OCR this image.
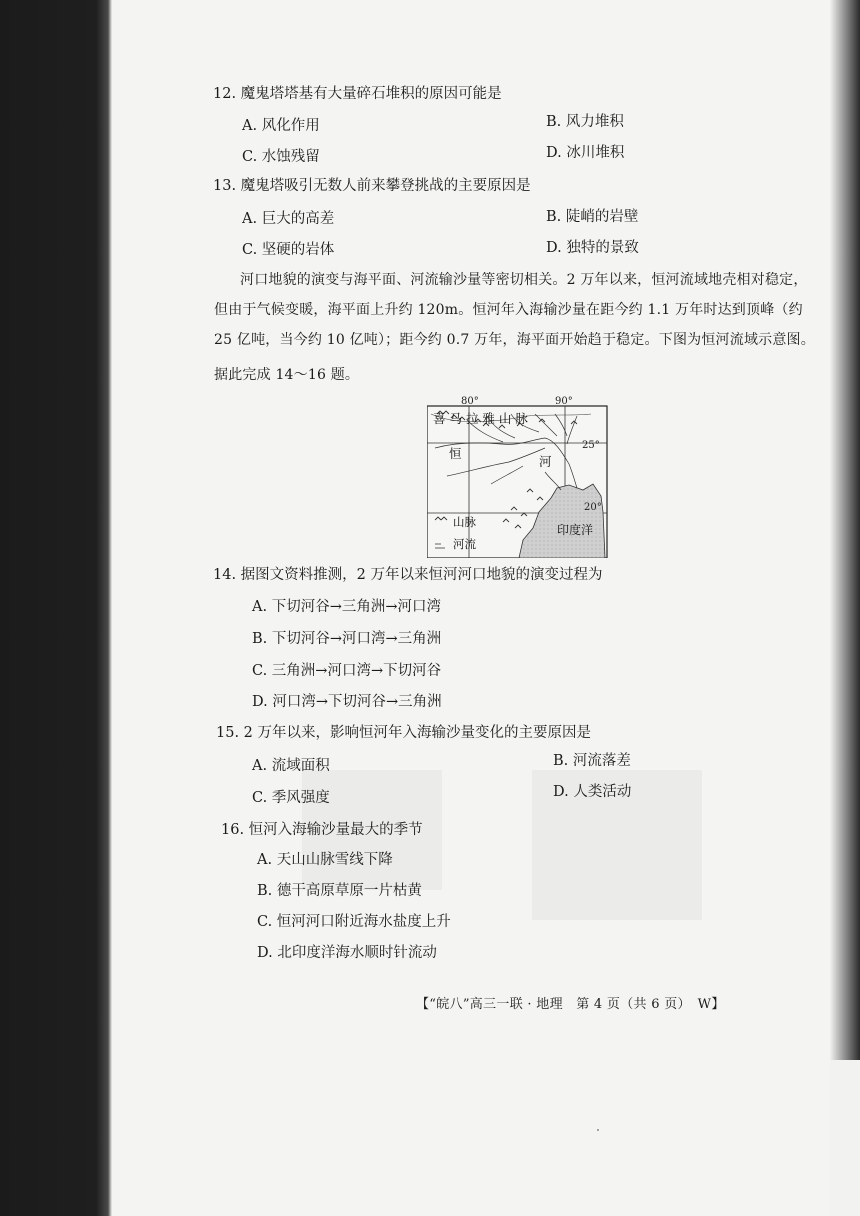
12. 魔鬼塔塔基有大量碎石堆积的原因可能是
A. 风化作用	B. 风力堆积
C. 水蚀残留	D. 冰川堆积
13. 魔鬼塔吸引无数人前来攀登挑战的主要原因是
A. 巨大的高差	B. 陡峭的岩壁
C. 坚硬的岩体	D. 独特的景致
河口地貌的演变与海平面、河流输沙量等密切相关。2 万年以来，恒河流域地壳相对稳定，
但由于气候变暖，海平面上升约 120m。恒河年入海输沙量在距今约 1.1 万年时达到顶峰（约
25 亿吨，当今约 10 亿吨）；距今约 0.7 万年，海平面开始趋于稳定。下图为恒河流域示意图。
据此完成 14～16 题。
80°	90°
喜 马 拉 雅 山 脉
25°
恒
河
20°
印度洋
山脉
河流
14. 据图文资料推测，2 万年以来恒河河口地貌的演变过程为
A. 下切河谷→三角洲→河口湾
B. 下切河谷→河口湾→三角洲
C. 三角洲→河口湾→下切河谷
D. 河口湾→下切河谷→三角洲
15. 2 万年以来，影响恒河年入海输沙量变化的主要原因是
A. 流域面积	B. 河流落差
C. 季风强度	D. 人类活动
16. 恒河入海输沙量最大的季节
A. 天山山脉雪线下降
B. 德干高原草原一片枯黄
C. 恒河河口附近海水盐度上升
D. 北印度洋海水顺时针流动
【“皖八”高三一联 · 地理　第 4 页（共 6 页）　W】
